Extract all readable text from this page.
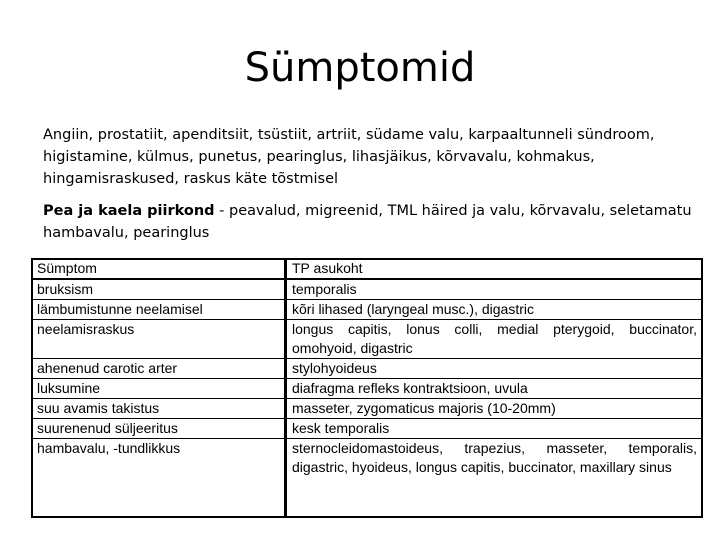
Sümptomid
Angiin, prostatiit, apenditsiit, tsüstiit, artriit, südame valu, karpaaltunneli sündroom, higistamine, külmus, punetus, pearinglus, lihasjäikus, kõrvavalu, kohmakus, hingamisraskused, raskus käte tõstmisel
Pea ja kaela piirkond - peavalud, migreenid, TML häired ja valu, kõrvavalu, seletamatu hambavalu, pearinglus
Sümptom	TP asukoht
bruksism	temporalis
lämbumistunne neelamisel	kõri lihased (laryngeal musc.), digastric
neelamisraskus	longus capitis, lonus colli, medial pterygoid, buccinator, omohyoid, digastric
ahenenud carotic arter	stylohyoideus
luksumine	diafragma refleks kontraktsioon, uvula
suu avamis takistus	masseter, zygomaticus majoris (10-20mm)
suurenenud süljeeritus	kesk temporalis
hambavalu, -tundlikkus	sternocleidomastoideus, trapezius, masseter, temporalis, digastric, hyoideus, longus capitis, buccinator, maxillary sinus
